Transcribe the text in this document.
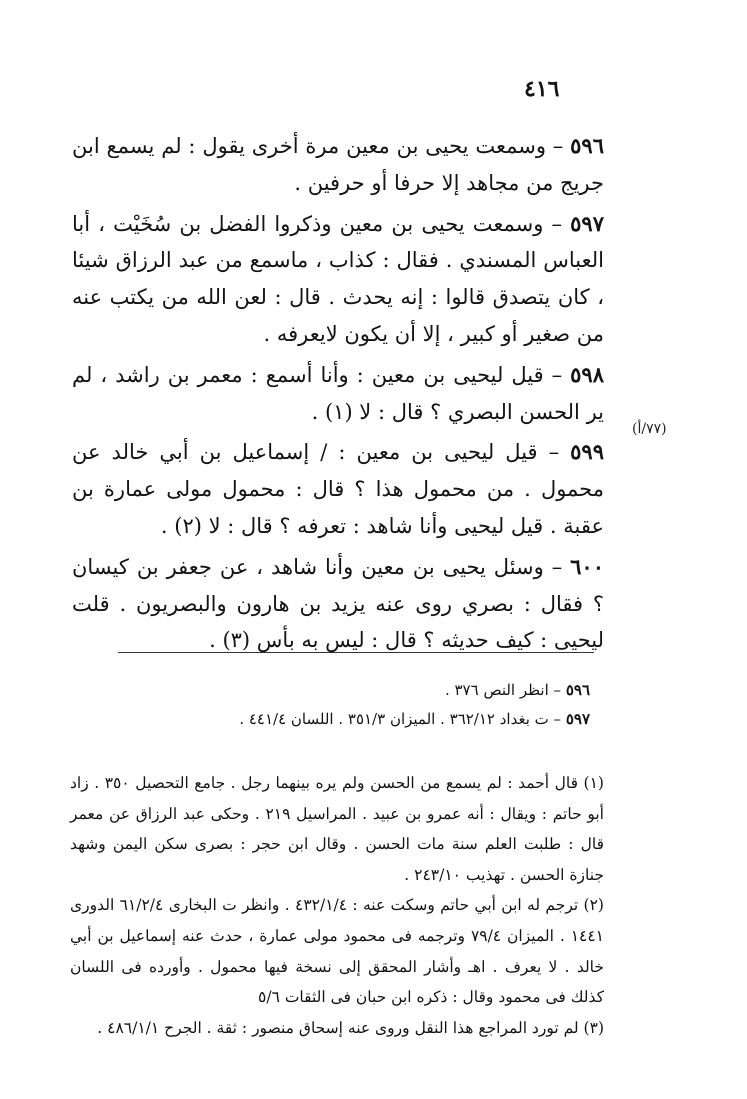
٤١٦
(٧٧/أ)

٥٩٦ – وسمعت يحيى بن معين مرة أخرى يقول : لم يسمع ابن جريج من مجاهد إلا حرفا أو حرفين .

٥٩٧ – وسمعت يحيى بن معين وذكروا الفضل بن سُخَيْت ، أبا العباس المسندي . فقال : كذاب ، ماسمع من عبد الرزاق شيئا ، كان يتصدق قالوا : إنه يحدث . قال : لعن الله من يكتب عنه من صغير أو كبير ، إلا أن يكون لايعرفه .

٥٩٨ – قيل ليحيى بن معين : وأنا أسمع : معمر بن راشد ، لم ير الحسن البصري ؟ قال : لا (١) .

٥٩٩ – قيل ليحيى بن معين : / إسماعيل بن أبي خالد عن محمول . من محمول هذا ؟ قال : محمول مولى عمارة بن عقبة . قيل ليحيى وأنا شاهد : تعرفه ؟ قال : لا (٢) .

٦٠٠ – وسئل يحيى بن معين وأنا شاهد ، عن جعفر بن كيسان ؟ فقال : بصري روى عنه يزيد بن هارون والبصريون . قلت ليحيى : كيف حديثه ؟ قال : ليس به بأس (٣) .

٥٩٦ – انظر النص ٣٧٦ .
٥٩٧ – ت بغداد ٣٦٢/١٢ . الميزان ٣٥١/٣ . اللسان ٤٤١/٤ .

(١) قال أحمد : لم يسمع من الحسن ولم يره بينهما رجل . جامع التحصيل ٣٥٠ . زاد أبو حاتم : ويقال : أنه عمرو بن عبيد . المراسيل ٢١٩ . وحكى عبد الرزاق عن معمر قال : طلبت العلم سنة مات الحسن . وقال ابن حجر : بصرى سكن اليمن وشهد جنازة الحسن . تهذيب ٢٤٣/١٠ .

(٢) ترجم له ابن أبي حاتم وسكت عنه : ٤٣٢/١/٤ . وانظر ت البخارى ٦١/٢/٤ الدورى ١٤٤١ . الميزان ٧٩/٤ وترجمه فى محمود مولى عمارة ، حدث عنه إسماعيل بن أبي خالد . لا يعرف . اهـ وأشار المحقق إلى نسخة فيها محمول . وأورده فى اللسان كذلك فى محمود وقال : ذكره ابن حبان فى الثقات ٥/٦

(٣) لم تورد المراجع هذا النقل وروى عنه إسحاق منصور : ثقة . الجرح ٤٨٦/١/١ .
